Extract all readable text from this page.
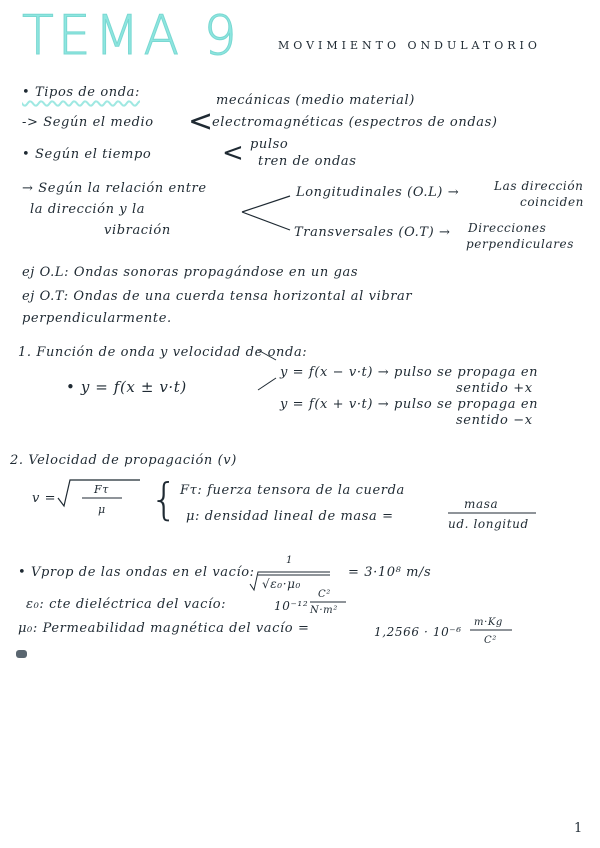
TEMA 9	MOVIMIENTO ONDULATORIO
• Tipos de onda:
-> Según el medio <
mecánicas (medio material)
electromagnéticas (espectros de ondas)
• Según el tiempo	< pulso
tren de ondas
→ Según la relación entre
la dirección y la
vibración
Longitudinales (O.L) →	Las dirección
coinciden
Transversales (O.T) → Direcciones
perpendiculares
ej O.L: Ondas sonoras propagándose en un gas
ej O.T: Ondas de una cuerda tensa horizontal al vibrar
perpendicularmente.
1. Función de onda y velocidad de onda:
• y = f(x ± v·t)
y = f(x − v·t) → pulso se propaga en
sentido +x
y = f(x + v·t) → pulso se propaga en
sentido −x
2. Velocidad de propagación (v)
v =
Fτ
μ { Fτ: fuerza tensora de la cuerda
μ: densidad lineal de masa =
masa
ud. longitud
• Vprop de las ondas en el vacío:
1
√ε₀·μ₀
= 3·10⁸ m/s
ε₀: cte dieléctrica del vacío:	10⁻¹²
C²
N·m²
μ₀: Permeabilidad magnética del vacío =	1,2566 · 10⁻⁶
m·Kg
C²
1
